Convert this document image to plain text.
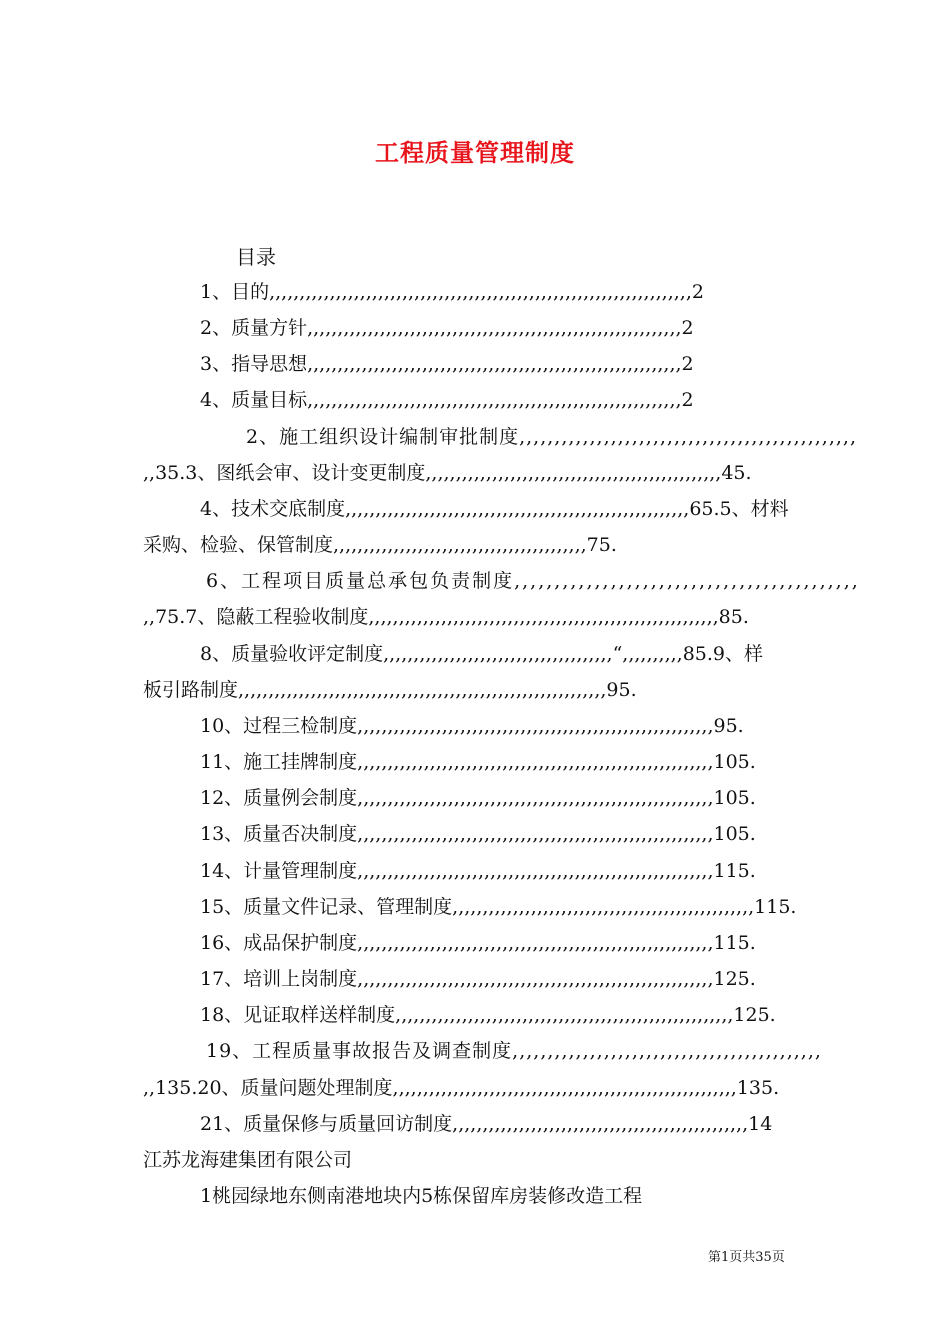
工程质量管理制度
目录
1、目的,,,,,,,,,,,,,,,,,,,,,,,,,,,,,,,,,,,,,,,,,,,,,,,,,,,,,,,,,,,,,,,,,,,,,,2
2、质量方针,,,,,,,,,,,,,,,,,,,,,,,,,,,,,,,,,,,,,,,,,,,,,,,,,,,,,,,,,,,,,,2
3、指导思想,,,,,,,,,,,,,,,,,,,,,,,,,,,,,,,,,,,,,,,,,,,,,,,,,,,,,,,,,,,,,,2
4、质量目标,,,,,,,,,,,,,,,,,,,,,,,,,,,,,,,,,,,,,,,,,,,,,,,,,,,,,,,,,,,,,,2
2、施工组织设计编制审批制度,,,,,,,,,,,,,,,,,,,,,,,,,,,,,,,,,,,,,,,,,,,,,,,,
,,35.3、图纸会审、设计变更制度,,,,,,,,,,,,,,,,,,,,,,,,,,,,,,,,,,,,,,,,,,,,,,,,,45.
4、技术交底制度,,,,,,,,,,,,,,,,,,,,,,,,,,,,,,,,,,,,,,,,,,,,,,,,,,,,,,,,,65.5、材料
采购、检验、保管制度,,,,,,,,,,,,,,,,,,,,,,,,,,,,,,,,,,,,,,,,,,75.
6、工程项目质量总承包负责制度,,,,,,,,,,,,,,,,,,,,,,,,,,,,,,,,,,,,,,,,,,,
,,75.7、隐蔽工程验收制度,,,,,,,,,,,,,,,,,,,,,,,,,,,,,,,,,,,,,,,,,,,,,,,,,,,,,,,,,,85.
8、质量验收评定制度,,,,,,,,,,,,,,,,,,,,,,,,,,,,,,,,,,,,,,“,,,,,,,,,,85.9、样
板引路制度,,,,,,,,,,,,,,,,,,,,,,,,,,,,,,,,,,,,,,,,,,,,,,,,,,,,,,,,,,,,,95.
10、过程三检制度,,,,,,,,,,,,,,,,,,,,,,,,,,,,,,,,,,,,,,,,,,,,,,,,,,,,,,,,,,,95.
11、施工挂牌制度,,,,,,,,,,,,,,,,,,,,,,,,,,,,,,,,,,,,,,,,,,,,,,,,,,,,,,,,,,,105.
12、质量例会制度,,,,,,,,,,,,,,,,,,,,,,,,,,,,,,,,,,,,,,,,,,,,,,,,,,,,,,,,,,,105.
13、质量否决制度,,,,,,,,,,,,,,,,,,,,,,,,,,,,,,,,,,,,,,,,,,,,,,,,,,,,,,,,,,,105.
14、计量管理制度,,,,,,,,,,,,,,,,,,,,,,,,,,,,,,,,,,,,,,,,,,,,,,,,,,,,,,,,,,,115.
15、质量文件记录、管理制度,,,,,,,,,,,,,,,,,,,,,,,,,,,,,,,,,,,,,,,,,,,,,,,,,,115.
16、成品保护制度,,,,,,,,,,,,,,,,,,,,,,,,,,,,,,,,,,,,,,,,,,,,,,,,,,,,,,,,,,,115.
17、培训上岗制度,,,,,,,,,,,,,,,,,,,,,,,,,,,,,,,,,,,,,,,,,,,,,,,,,,,,,,,,,,,125.
18、见证取样送样制度,,,,,,,,,,,,,,,,,,,,,,,,,,,,,,,,,,,,,,,,,,,,,,,,,,,,,,,,125.
19、工程质量事故报告及调查制度,,,,,,,,,,,,,,,,,,,,,,,,,,,,,,,,,,,,,,,,,,,,
,,135.20、质量问题处理制度,,,,,,,,,,,,,,,,,,,,,,,,,,,,,,,,,,,,,,,,,,,,,,,,,,,,,,,,,135.
21、质量保修与质量回访制度,,,,,,,,,,,,,,,,,,,,,,,,,,,,,,,,,,,,,,,,,,,,,,,,,14
江苏龙海建集团有限公司
1桃园绿地东侧南港地块内5栋保留库房装修改造工程
第1页共35页
